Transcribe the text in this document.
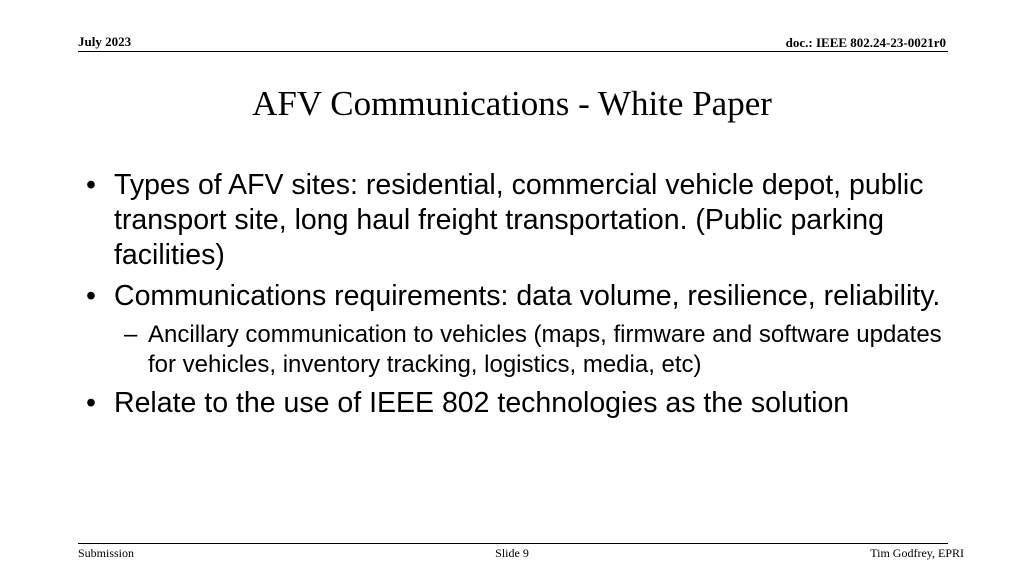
July 2023	doc.: IEEE 802.24-23-0021r0
AFV Communications - White Paper
• Types of AFV sites: residential, commercial vehicle depot, public transport site, long haul freight transportation. (Public parking facilities)
• Communications requirements: data volume, resilience, reliability.
– Ancillary communication to vehicles (maps, firmware and software updates for vehicles, inventory tracking, logistics, media, etc)
• Relate to the use of IEEE 802 technologies as the solution
Submission	Slide 9	Tim Godfrey, EPRI
